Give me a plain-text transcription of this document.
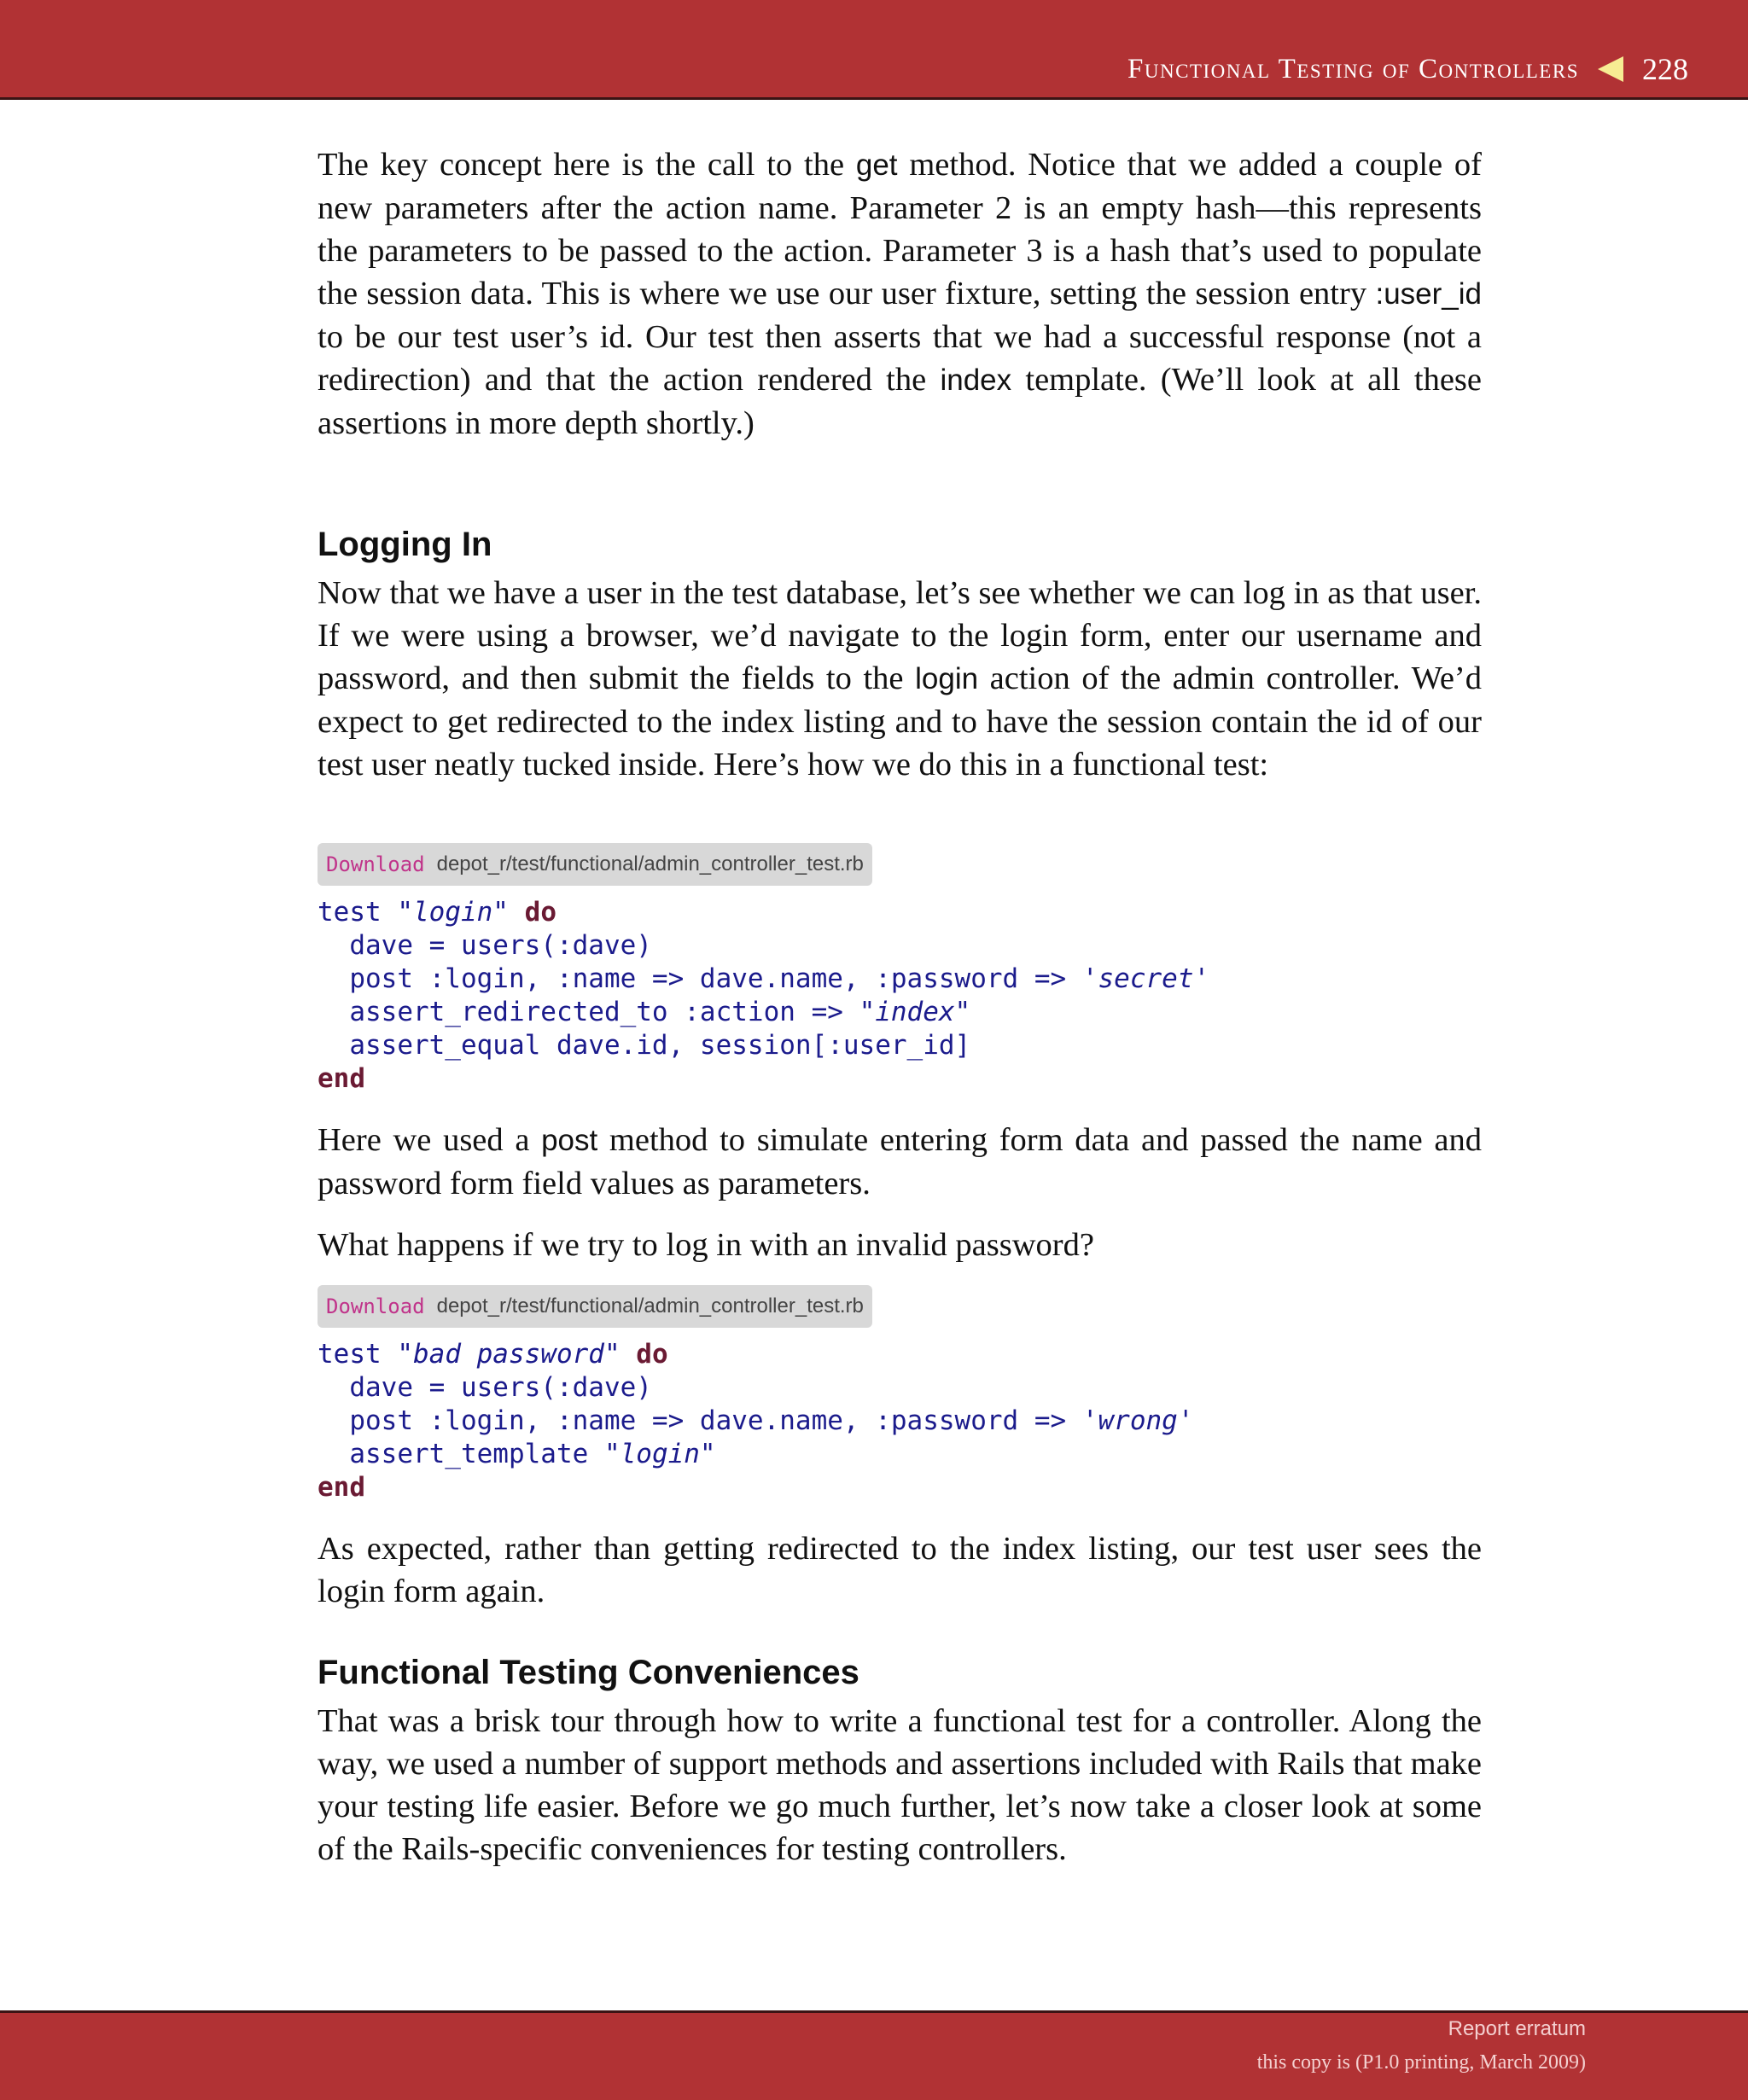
Functional Testing of Controllers 228

The key concept here is the call to the get method. Notice that we added a couple of new parameters after the action name. Parameter 2 is an empty hash—this represents the parameters to be passed to the action. Parameter 3 is a hash that’s used to populate the session data. This is where we use our user fixture, setting the session entry :user_id to be our test user’s id. Our test then asserts that we had a successful response (not a redirection) and that the action rendered the index template. (We’ll look at all these assertions in more depth shortly.)

Logging In

Now that we have a user in the test database, let’s see whether we can log in as that user. If we were using a browser, we’d navigate to the login form, enter our username and password, and then submit the fields to the login action of the admin controller. We’d expect to get redirected to the index listing and to have the session contain the id of our test user neatly tucked inside. Here’s how we do this in a functional test:

Download depot_r/test/functional/admin_controller_test.rb
test "login" do
dave = users(:dave)
post :login, :name => dave.name, :password => 'secret'
assert_redirected_to :action => "index"
assert_equal dave.id, session[:user_id]
end

Here we used a post method to simulate entering form data and passed the name and password form field values as parameters.

What happens if we try to log in with an invalid password?

Download depot_r/test/functional/admin_controller_test.rb
test "bad password" do
dave = users(:dave)
post :login, :name => dave.name, :password => 'wrong'
assert_template "login"
end

As expected, rather than getting redirected to the index listing, our test user sees the login form again.

Functional Testing Conveniences

That was a brisk tour through how to write a functional test for a controller. Along the way, we used a number of support methods and assertions included with Rails that make your testing life easier. Before we go much further, let’s now take a closer look at some of the Rails-specific conveniences for testing controllers.

Report erratum
this copy is (P1.0 printing, March 2009)
